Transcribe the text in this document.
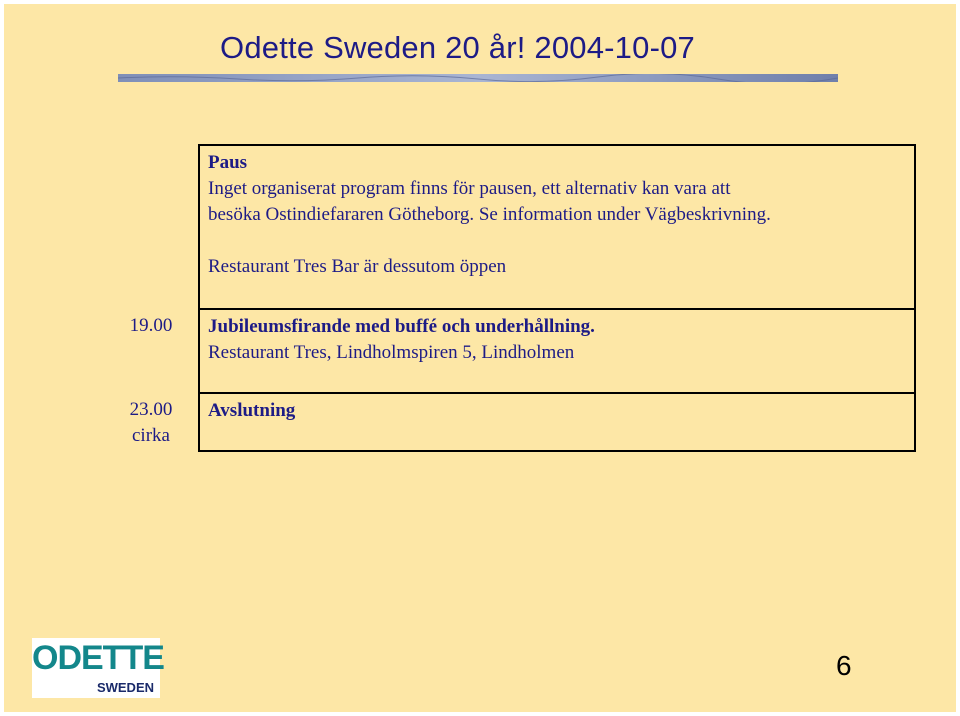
Odette Sweden 20 år! 2004-10-07

	Paus
Inget organiserat program finns för pausen, ett alternativ kan vara att
besöka Ostindiefararen Götheborg. Se information under Vägbeskrivning.
Restaurant Tres Bar är dessutom öppen

19.00	Jubileumsfirande med buffé och underhållning.
Restaurant Tres, Lindholmspiren 5, Lindholmen

23.00
cirka	Avslutning
ODETTE
SWEDEN
6
